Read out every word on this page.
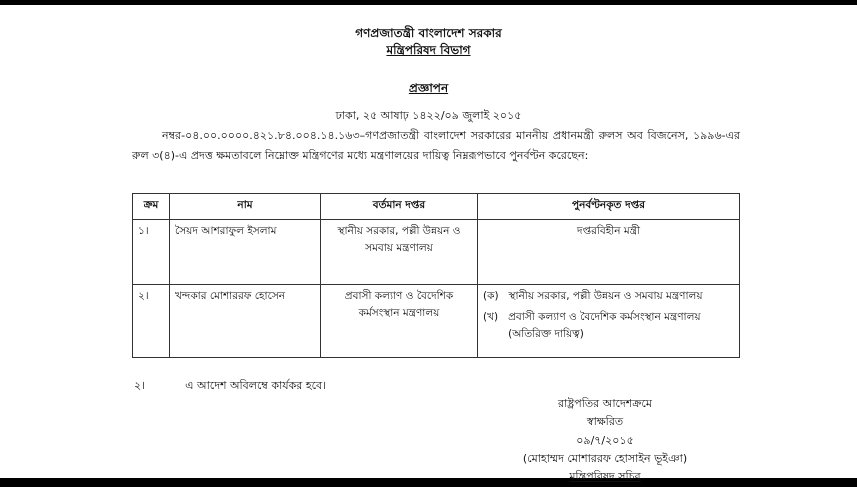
গণপ্রজাতন্ত্রী বাংলাদেশ সরকার
মন্ত্রিপরিষদ বিভাগ
প্রজ্ঞাপন
ঢাকা, ২৫ আষাঢ় ১৪২২/০৯ জুলাই ২০১৫
নম্বর-০৪.০০.০০০০.৪২১.৮৪.০০৪.১৪.১৬৩–গণপ্রজাতন্ত্রী বাংলাদেশ সরকারের মাননীয় প্রধানমন্ত্রী রুলস অব বিজনেস, ১৯৯৬-এর রুল ৩(৪)-এ প্রদত্ত ক্ষমতাবলে নিম্নোক্ত মন্ত্রিগণের মধ্যে মন্ত্রণালয়ের দায়িত্ব নিম্নরূপভাবে পুনর্বণ্টন করেছেন:
ক্রম	নাম	বর্তমান দপ্তর	পুনর্বণ্টনকৃত দপ্তর
১।	সৈয়দ আশরাফুল ইসলাম	স্থানীয় সরকার, পল্লী উন্নয়ন ও সমবায় মন্ত্রণালয়	দপ্তরবিহীন মন্ত্রী
২।	খন্দকার মোশাররফ হোসেন	প্রবাসী কল্যাণ ও বৈদেশিক কর্মসংস্থান মন্ত্রণালয়	(ক) স্থানীয় সরকার, পল্লী উন্নয়ন ও সমবায় মন্ত্রণালয়
(খ) প্রবাসী কল্যাণ ও বৈদেশিক কর্মসংস্থান মন্ত্রণালয় (অতিরিক্ত দায়িত্ব)
২।	এ আদেশ অবিলম্বে কার্যকর হবে।
রাষ্ট্রপতির আদেশক্রমে
স্বাক্ষরিত
০৯/৭/২০১৫
(মোহাম্মদ মোশাররফ হোসাইন ভূইঞা)
মন্ত্রিপরিষদ সচিব
